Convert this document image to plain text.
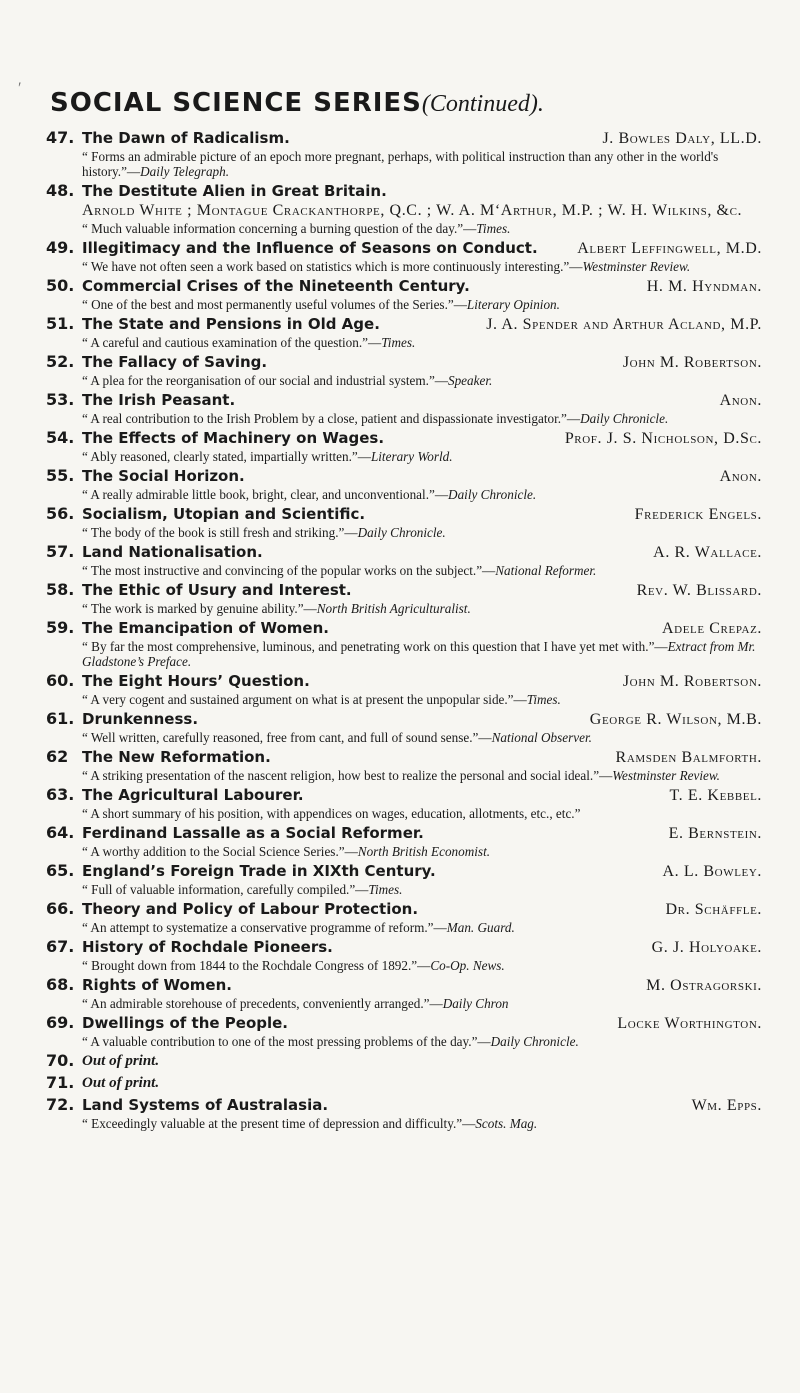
′ SOCIAL SCIENCE SERIES(Continued).
47. The Dawn of Radicalism.	J. Bowles Daly, LL.D.
“ Forms an admirable picture of an epoch more pregnant, perhaps, with political instruction than any other in the world's history.”—Daily Telegraph.
48. The Destitute Alien in Great Britain.
Arnold White ; Montague Crackanthorpe, Q.C. ; W. A. M‘Arthur, M.P. ; W. H. Wilkins, &c.
“ Much valuable information concerning a burning question of the day.”—Times.
49. Illegitimacy and the Influence of Seasons on Conduct. Albert Leffingwell, M.D.
“ We have not often seen a work based on statistics which is more continuously interesting.”—Westminster Review.
50. Commercial Crises of the Nineteenth Century.	H. M. Hyndman.
“ One of the best and most permanently useful volumes of the Series.”—Literary Opinion.
51. The State and Pensions in Old Age.	J. A. Spender and Arthur Acland, M.P.
“ A careful and cautious examination of the question.”—Times.
52. The Fallacy of Saving.	John M. Robertson.
“ A plea for the reorganisation of our social and industrial system.”—Speaker.
53. The Irish Peasant.	Anon.
“ A real contribution to the Irish Problem by a close, patient and dispassionate investigator.”—Daily Chronicle.
54. The Effects of Machinery on Wages.	Prof. J. S. Nicholson, D.Sc.
“ Ably reasoned, clearly stated, impartially written.”—Literary World.
55. The Social Horizon.	Anon.
“ A really admirable little book, bright, clear, and unconventional.”—Daily Chronicle.
56. Socialism, Utopian and Scientific.	Frederick Engels.
“ The body of the book is still fresh and striking.”—Daily Chronicle.
57. Land Nationalisation.	A. R. Wallace.
“ The most instructive and convincing of the popular works on the subject.”—National Reformer.
58. The Ethic of Usury and Interest.	Rev. W. Blissard.
“ The work is marked by genuine ability.”—North British Agriculturalist.
59. The Emancipation of Women.	Adele Crepaz.
“ By far the most comprehensive, luminous, and penetrating work on this question that I have yet met with.”—Extract from Mr. Gladstone’s Preface.
60. The Eight Hours’ Question.	John M. Robertson.
“ A very cogent and sustained argument on what is at present the unpopular side.”—Times.
61. Drunkenness.	George R. Wilson, M.B.
“ Well written, carefully reasoned, free from cant, and full of sound sense.”—National Observer.
62 The New Reformation.	Ramsden Balmforth.
“ A striking presentation of the nascent religion, how best to realize the personal and social ideal.”—Westminster Review.
63. The Agricultural Labourer.	T. E. Kebbel.
“ A short summary of his position, with appendices on wages, education, allotments, etc., etc.”
64. Ferdinand Lassalle as a Social Reformer.	E. Bernstein.
“ A worthy addition to the Social Science Series.”—North British Economist.
65. England’s Foreign Trade in XIXth Century.	A. L. Bowley.
“ Full of valuable information, carefully compiled.”—Times.
66. Theory and Policy of Labour Protection.	Dr. Schäffle.
“ An attempt to systematize a conservative programme of reform.”—Man. Guard.
67. History of Rochdale Pioneers.	G. J. Holyoake.
“ Brought down from 1844 to the Rochdale Congress of 1892.”—Co-Op. News.
68. Rights of Women.	M. Ostragorski.
“ An admirable storehouse of precedents, conveniently arranged.”—Daily Chron
69. Dwellings of the People.	Locke Worthington.
“ A valuable contribution to one of the most pressing problems of the day.”—Daily Chronicle.
70. Out of print.
71. Out of print.
72. Land Systems of Australasia.	Wm. Epps.
“ Exceedingly valuable at the present time of depression and difficulty.”—Scots. Mag.
